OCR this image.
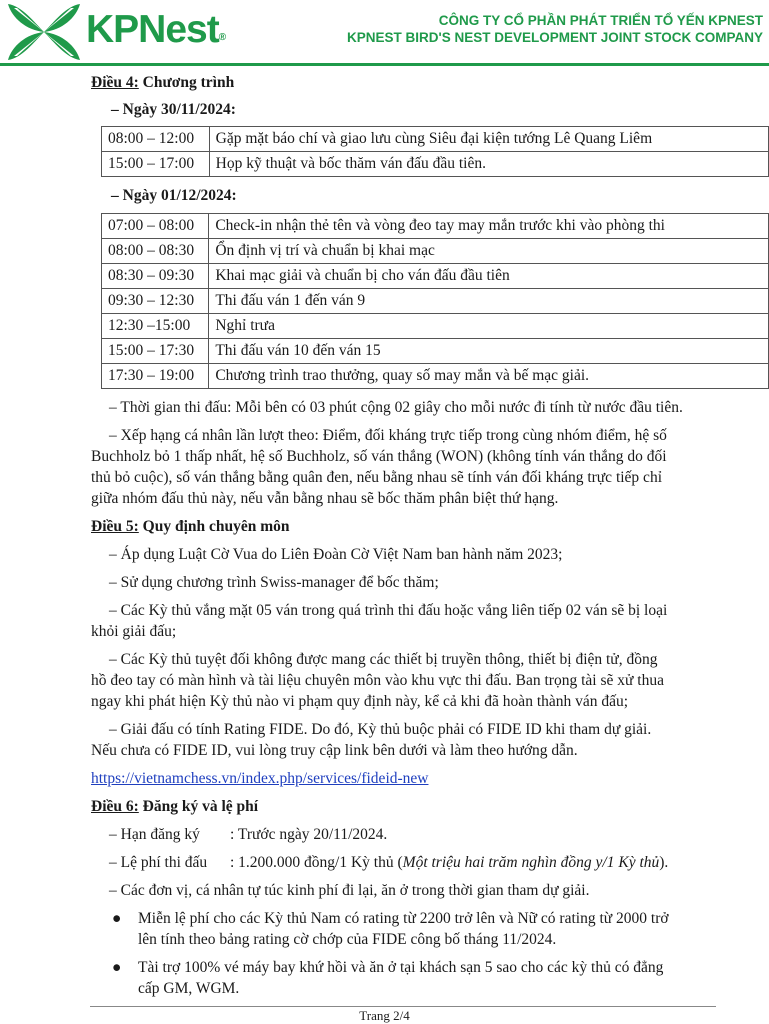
KPNest®
CÔNG TY CỔ PHẦN PHÁT TRIỂN TỔ YẾN KPNEST
KPNEST BIRD'S NEST DEVELOPMENT JOINT STOCK COMPANY
Điều 4: Chương trình
– Ngày 30/11/2024:
08:00 – 12:00	Gặp mặt báo chí và giao lưu cùng Siêu đại kiện tướng Lê Quang Liêm
15:00 – 17:00	Họp kỹ thuật và bốc thăm ván đấu đầu tiên.
– Ngày 01/12/2024:
07:00 – 08:00	Check-in nhận thẻ tên và vòng đeo tay may mắn trước khi vào phòng thi
08:00 – 08:30	Ổn định vị trí và chuẩn bị khai mạc
08:30 – 09:30	Khai mạc giải và chuẩn bị cho ván đấu đầu tiên
09:30 – 12:30	Thi đấu ván 1 đến ván 9
12:30 –15:00	Nghỉ trưa
15:00 – 17:30	Thi đấu ván 10 đến ván 15
17:30 – 19:00	Chương trình trao thưởng, quay số may mắn và bế mạc giải.
– Thời gian thi đấu: Mỗi bên có 03 phút cộng 02 giây cho mỗi nước đi tính từ nước đầu tiên.
– Xếp hạng cá nhân lần lượt theo: Điểm, đối kháng trực tiếp trong cùng nhóm điểm, hệ số
Buchholz bỏ 1 thấp nhất, hệ số Buchholz, số ván thắng (WON) (không tính ván thắng do đối
thủ bỏ cuộc), số ván thắng bằng quân đen, nếu bằng nhau sẽ tính ván đối kháng trực tiếp chỉ
giữa nhóm đấu thủ này, nếu vẫn bằng nhau sẽ bốc thăm phân biệt thứ hạng.
Điều 5: Quy định chuyên môn
– Áp dụng Luật Cờ Vua do Liên Đoàn Cờ Việt Nam ban hành năm 2023;
– Sử dụng chương trình Swiss-manager để bốc thăm;
– Các Kỳ thủ vắng mặt 05 ván trong quá trình thi đấu hoặc vắng liên tiếp 02 ván sẽ bị loại
khỏi giải đấu;
– Các Kỳ thủ tuyệt đối không được mang các thiết bị truyền thông, thiết bị điện tử, đồng
hồ đeo tay có màn hình và tài liệu chuyên môn vào khu vực thi đấu. Ban trọng tài sẽ xử thua
ngay khi phát hiện Kỳ thủ nào vi phạm quy định này, kể cả khi đã hoàn thành ván đấu;
– Giải đấu có tính Rating FIDE. Do đó, Kỳ thủ buộc phải có FIDE ID khi tham dự giải.
Nếu chưa có FIDE ID, vui lòng truy cập link bên dưới và làm theo hướng dẫn.
https://vietnamchess.vn/index.php/services/fideid-new
Điều 6: Đăng ký và lệ phí
– Hạn đăng ký : Trước ngày 20/11/2024.
– Lệ phí thi đấu : 1.200.000 đồng/1 Kỳ thủ (Một triệu hai trăm nghìn đồng y/1 Kỳ thủ).
– Các đơn vị, cá nhân tự túc kinh phí đi lại, ăn ở trong thời gian tham dự giải.
● Miễn lệ phí cho các Kỳ thủ Nam có rating từ 2200 trở lên và Nữ có rating từ 2000 trở
lên tính theo bảng rating cờ chớp của FIDE công bố tháng 11/2024.
● Tài trợ 100% vé máy bay khứ hồi và ăn ở tại khách sạn 5 sao cho các kỳ thủ có đẳng
cấp GM, WGM.
Trang 2/4
